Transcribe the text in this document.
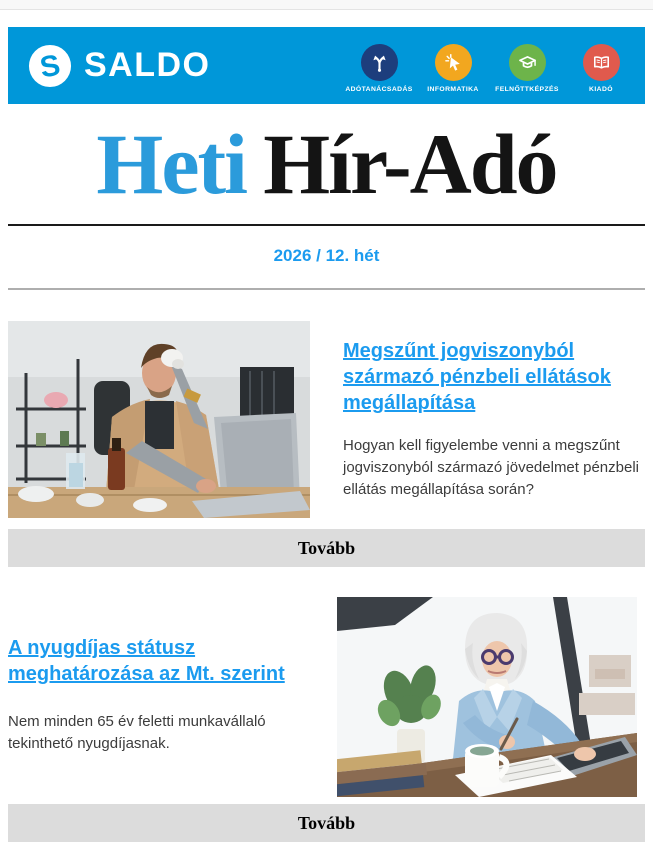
S SALDO
ADÓTANÁCSADÁS INFORMATIKA FELNŐTTKÉPZÉS	KIADÓ
Heti Hír-Adó
2026 / 12. hét
Megszűnt jogviszonyból származó pénzbeli ellátások megállapítása

Hogyan kell figyelembe venni a megszűnt jogviszonyból származó jövedelmet pénzbeli ellátás megállapítása során?

Tovább
A nyugdíjas státusz meghatározása az Mt. szerint

Nem minden 65 év feletti munkavállaló tekinthető nyugdíjasnak.

Tovább
